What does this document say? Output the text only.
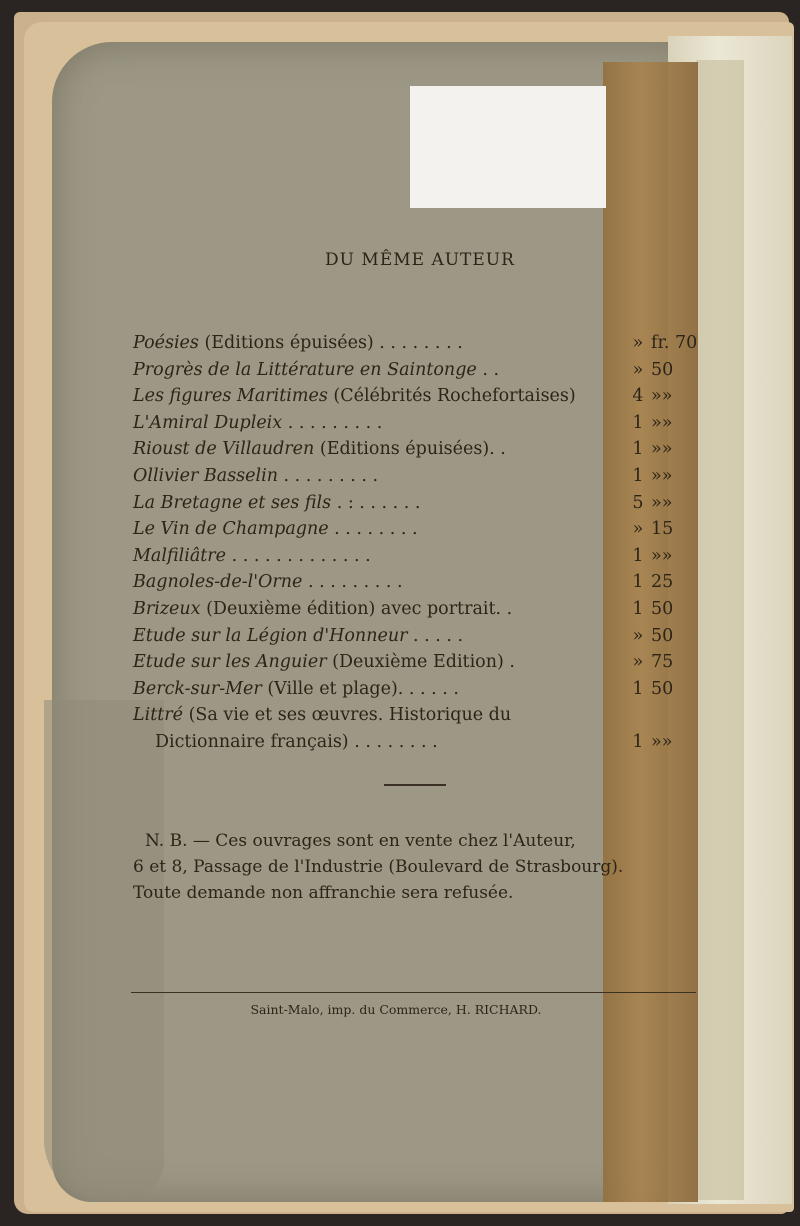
DU MÊME AUTEUR
Poésies (Editions épuisées) . . . . . . . .	» fr. 70
Progrès de la Littérature en Saintonge . .	» 50
Les figures Maritimes (Célébrités Rochefortaises)	4 »»
L'Amiral Dupleix . . . . . . . . .	1 »»
Rioust de Villaudren (Editions épuisées). .	1 »»
Ollivier Basselin . . . . . . . . .	1 »»
La Bretagne et ses fils . : . . . . . .	5 »»
Le Vin de Champagne . . . . . . . .	» 15
Malfiliâtre . . . . . . . . . . . . .	1 »»
Bagnoles-de-l'Orne . . . . . . . . .	1 25
Brizeux (Deuxième édition) avec portrait. .	1 50
Etude sur la Légion d'Honneur . . . . .	» 50
Etude sur les Anguier (Deuxième Edition) .	» 75
Berck-sur-Mer (Ville et plage). . . . . .	1 50
Littré (Sa vie et ses œuvres. Historique du
Dictionnaire français) . . . . . . . .	1 »»

N. B. — Ces ouvrages sont en vente chez l'Auteur,

6 et 8, Passage de l'Industrie (Boulevard de Strasbourg).

Toute demande non affranchie sera refusée.

Saint-Malo, imp. du Commerce, H. RICHARD.
